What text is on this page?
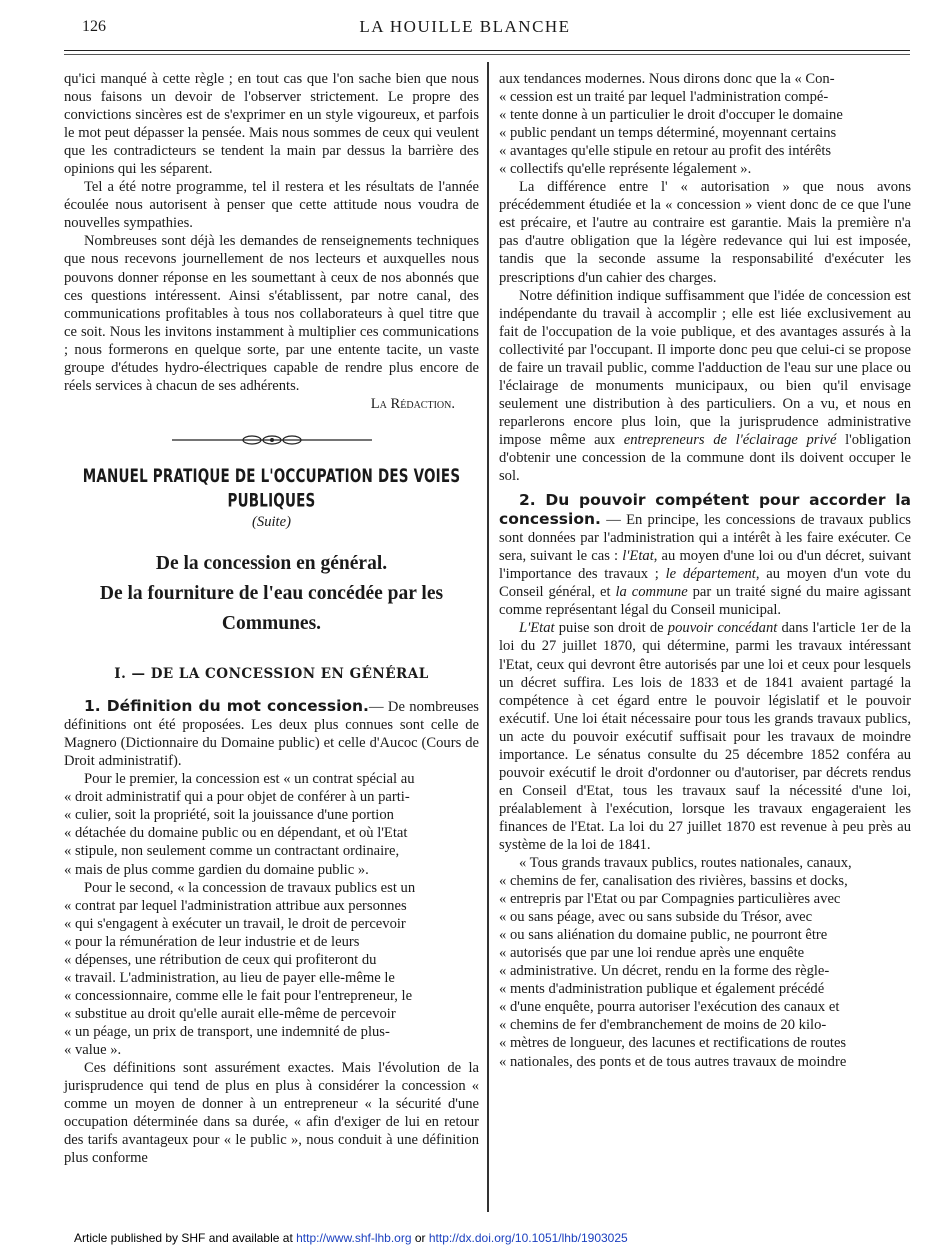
126	LA HOUILLE BLANCHE

qu'ici manqué à cette règle ; en tout cas que l'on sache bien que nous nous faisons un devoir de l'observer strictement. Le propre des convictions sincères est de s'exprimer en un style vigoureux, et parfois le mot peut dépasser la pensée. Mais nous sommes de ceux qui veulent que les contradicteurs se tendent la main par dessus la barrière des opinions qui les séparent.

Tel a été notre programme, tel il restera et les résultats de l'année écoulée nous autorisent à penser que cette attitude nous voudra de nouvelles sympathies.

Nombreuses sont déjà les demandes de renseignements techniques que nous recevons journellement de nos lecteurs et auxquelles nous pouvons donner réponse en les soumettant à ceux de nos abonnés que ces questions intéressent. Ainsi s'établissent, par notre canal, des communications profitables à tous nos collaborateurs à quel titre que ce soit. Nous les invitons instamment à multiplier ces communications ; nous formerons en quelque sorte, par une entente tacite, un vaste groupe d'études hydro-électriques capable de rendre plus encore de réels services à chacun de ses adhérents.

La Rédaction.

MANUEL PRATIQUE DE L'OCCUPATION DES VOIES PUBLIQUES
(Suite)
De la concession en général.
De la fourniture de l'eau concédée par les Communes.
I. — DE LA CONCESSION EN GÉNÉRAL

1. Définition du mot concession.— De nombreuses définitions ont été proposées. Les deux plus connues sont celle de Magnero (Dictionnaire du Domaine public) et celle d'Aucoc (Cours de Droit administratif).

Pour le premier, la concession est « un contrat spécial au

« droit administratif qui a pour objet de conférer à un parti-

« culier, soit la propriété, soit la jouissance d'une portion

« détachée du domaine public ou en dépendant, et où l'Etat

« stipule, non seulement comme un contractant ordinaire,

« mais de plus comme gardien du domaine public ».

Pour le second, « la concession de travaux publics est un

« contrat par lequel l'administration attribue aux personnes

« qui s'engagent à exécuter un travail, le droit de percevoir

« pour la rémunération de leur industrie et de leurs

« dépenses, une rétribution de ceux qui profiteront du

« travail. L'administration, au lieu de payer elle-même le

« concessionnaire, comme elle le fait pour l'entrepreneur, le

« substitue au droit qu'elle aurait elle-même de percevoir

« un péage, un prix de transport, une indemnité de plus-

« value ».

Ces définitions sont assurément exactes. Mais l'évolution de la jurisprudence qui tend de plus en plus à considérer la concession « comme un moyen de donner à un entrepreneur « la sécurité d'une occupation déterminée dans sa durée, « afin d'exiger de lui en retour des tarifs avantageux pour « le public », nous conduit à une définition plus conforme

aux tendances modernes. Nous dirons donc que la « Con-

« cession est un traité par lequel l'administration compé-

« tente donne à un particulier le droit d'occuper le domaine

« public pendant un temps déterminé, moyennant certains

« avantages qu'elle stipule en retour au profit des intérêts

« collectifs qu'elle représente légalement ».

La différence entre l' « autorisation » que nous avons précédemment étudiée et la « concession » vient donc de ce que l'une est précaire, et l'autre au contraire est garantie. Mais la première n'a pas d'autre obligation que la légère redevance qui lui est imposée, tandis que la seconde assume la responsabilité d'exécuter les prescriptions d'un cahier des charges.

Notre définition indique suffisamment que l'idée de concession est indépendante du travail à accomplir ; elle est liée exclusivement au fait de l'occupation de la voie publique, et des avantages assurés à la collectivité par l'occupant. Il importe donc peu que celui-ci se propose de faire un travail public, comme l'adduction de l'eau sur une place ou l'éclairage de monuments municipaux, ou bien qu'il envisage seulement une distribution à des particuliers. On a vu, et nous en reparlerons encore plus loin, que la jurisprudence administrative impose même aux entrepreneurs de l'éclairage privé l'obligation d'obtenir une concession de la commune dont ils doivent occuper le sol.

2. Du pouvoir compétent pour accorder la concession. — En principe, les concessions de travaux publics sont données par l'administration qui a intérêt à les faire exécuter. Ce sera, suivant le cas : l'Etat, au moyen d'une loi ou d'un décret, suivant l'importance des travaux ; le département, au moyen d'un vote du Conseil général, et la commune par un traité signé du maire agissant comme représentant légal du Conseil municipal.

L'Etat puise son droit de pouvoir concédant dans l'article 1er de la loi du 27 juillet 1870, qui détermine, parmi les travaux intéressant l'Etat, ceux qui devront être autorisés par une loi et ceux pour lesquels un décret suffira. Les lois de 1833 et de 1841 avaient partagé la compétence à cet égard entre le pouvoir législatif et le pouvoir exécutif. Une loi était nécessaire pour tous les grands travaux publics, un acte du pouvoir exécutif suffisait pour les travaux de moindre importance. Le sénatus consulte du 25 décembre 1852 conféra au pouvoir exécutif le droit d'ordonner ou d'autoriser, par décrets rendus en Conseil d'Etat, tous les travaux sauf la nécessité d'une loi, préalablement à l'exécution, lorsque les travaux engageraient les finances de l'Etat. La loi du 27 juillet 1870 est revenue à peu près au système de la loi de 1841.

« Tous grands travaux publics, routes nationales, canaux,

« chemins de fer, canalisation des rivières, bassins et docks,

« entrepris par l'Etat ou par Compagnies particulières avec

« ou sans péage, avec ou sans subside du Trésor, avec

« ou sans aliénation du domaine public, ne pourront être

« autorisés que par une loi rendue après une enquête

« administrative. Un décret, rendu en la forme des règle-

« ments d'administration publique et également précédé

« d'une enquête, pourra autoriser l'exécution des canaux et

« chemins de fer d'embranchement de moins de 20 kilo-

« mètres de longueur, des lacunes et rectifications de routes

« nationales, des ponts et de tous autres travaux de moindre

Article published by SHF and available at http://www.shf-lhb.org or http://dx.doi.org/10.1051/lhb/1903025
